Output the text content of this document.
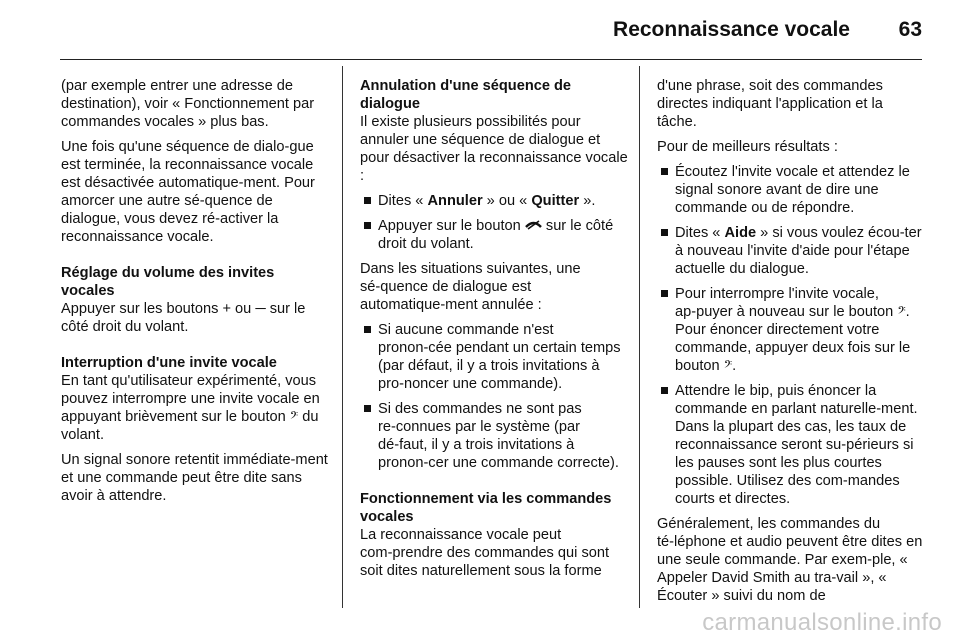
Reconnaissance vocale 63

(par exemple entrer une adresse de destination), voir « Fonctionnement par commandes vocales » plus bas.

Une fois qu'une séquence de dialo‑gue est terminée, la reconnaissance vocale est désactivée automatique‑ment. Pour amorcer une autre sé‑quence de dialogue, vous devez ré‑activer la reconnaissance vocale.

Réglage du volume des invites vocales

Appuyer sur les boutons + ou ─ sur le côté droit du volant.

Interruption d'une invite vocale

En tant qu'utilisateur expérimenté, vous pouvez interrompre une invite vocale en appuyant brièvement sur le bouton 𝄢 du volant.

Un signal sonore retentit immédiate‑ment et une commande peut être dite sans avoir à attendre.

Annulation d'une séquence de dialogue

Il existe plusieurs possibilités pour annuler une séquence de dialogue et pour désactiver la reconnaissance vocale :

Dites « Annuler » ou « Quitter ».
Appuyer sur le bouton  sur le côté droit du volant.

Dans les situations suivantes, une sé‑quence de dialogue est automatique‑ment annulée :

Si aucune commande n'est pronon‑cée pendant un certain temps (par défaut, il y a trois invitations à pro‑noncer une commande).
Si des commandes ne sont pas re‑connues par le système (par dé‑faut, il y a trois invitations à pronon‑cer une commande correcte).
Fonctionnement via les commandes vocales

La reconnaissance vocale peut com‑prendre des commandes qui sont soit dites naturellement sous la forme

d'une phrase, soit des commandes directes indiquant l'application et la tâche.

Pour de meilleurs résultats :

Écoutez l'invite vocale et attendez le signal sonore avant de dire une commande ou de répondre.
Dites « Aide » si vous voulez écou‑ter à nouveau l'invite d'aide pour l'étape actuelle du dialogue.
Pour interrompre l'invite vocale, ap‑puyer à nouveau sur le bouton 𝄢. Pour énoncer directement votre commande, appuyer deux fois sur le bouton 𝄢.
Attendre le bip, puis énoncer la commande en parlant naturelle‑ment. Dans la plupart des cas, les taux de reconnaissance seront su‑périeurs si les pauses sont les plus courtes possible. Utilisez des com‑mandes courts et directes.

Généralement, les commandes du té‑léphone et audio peuvent être dites en une seule commande. Par exem‑ple, « Appeler David Smith au tra‑vail », « Écouter » suivi du nom de

carmanualsonline.info
